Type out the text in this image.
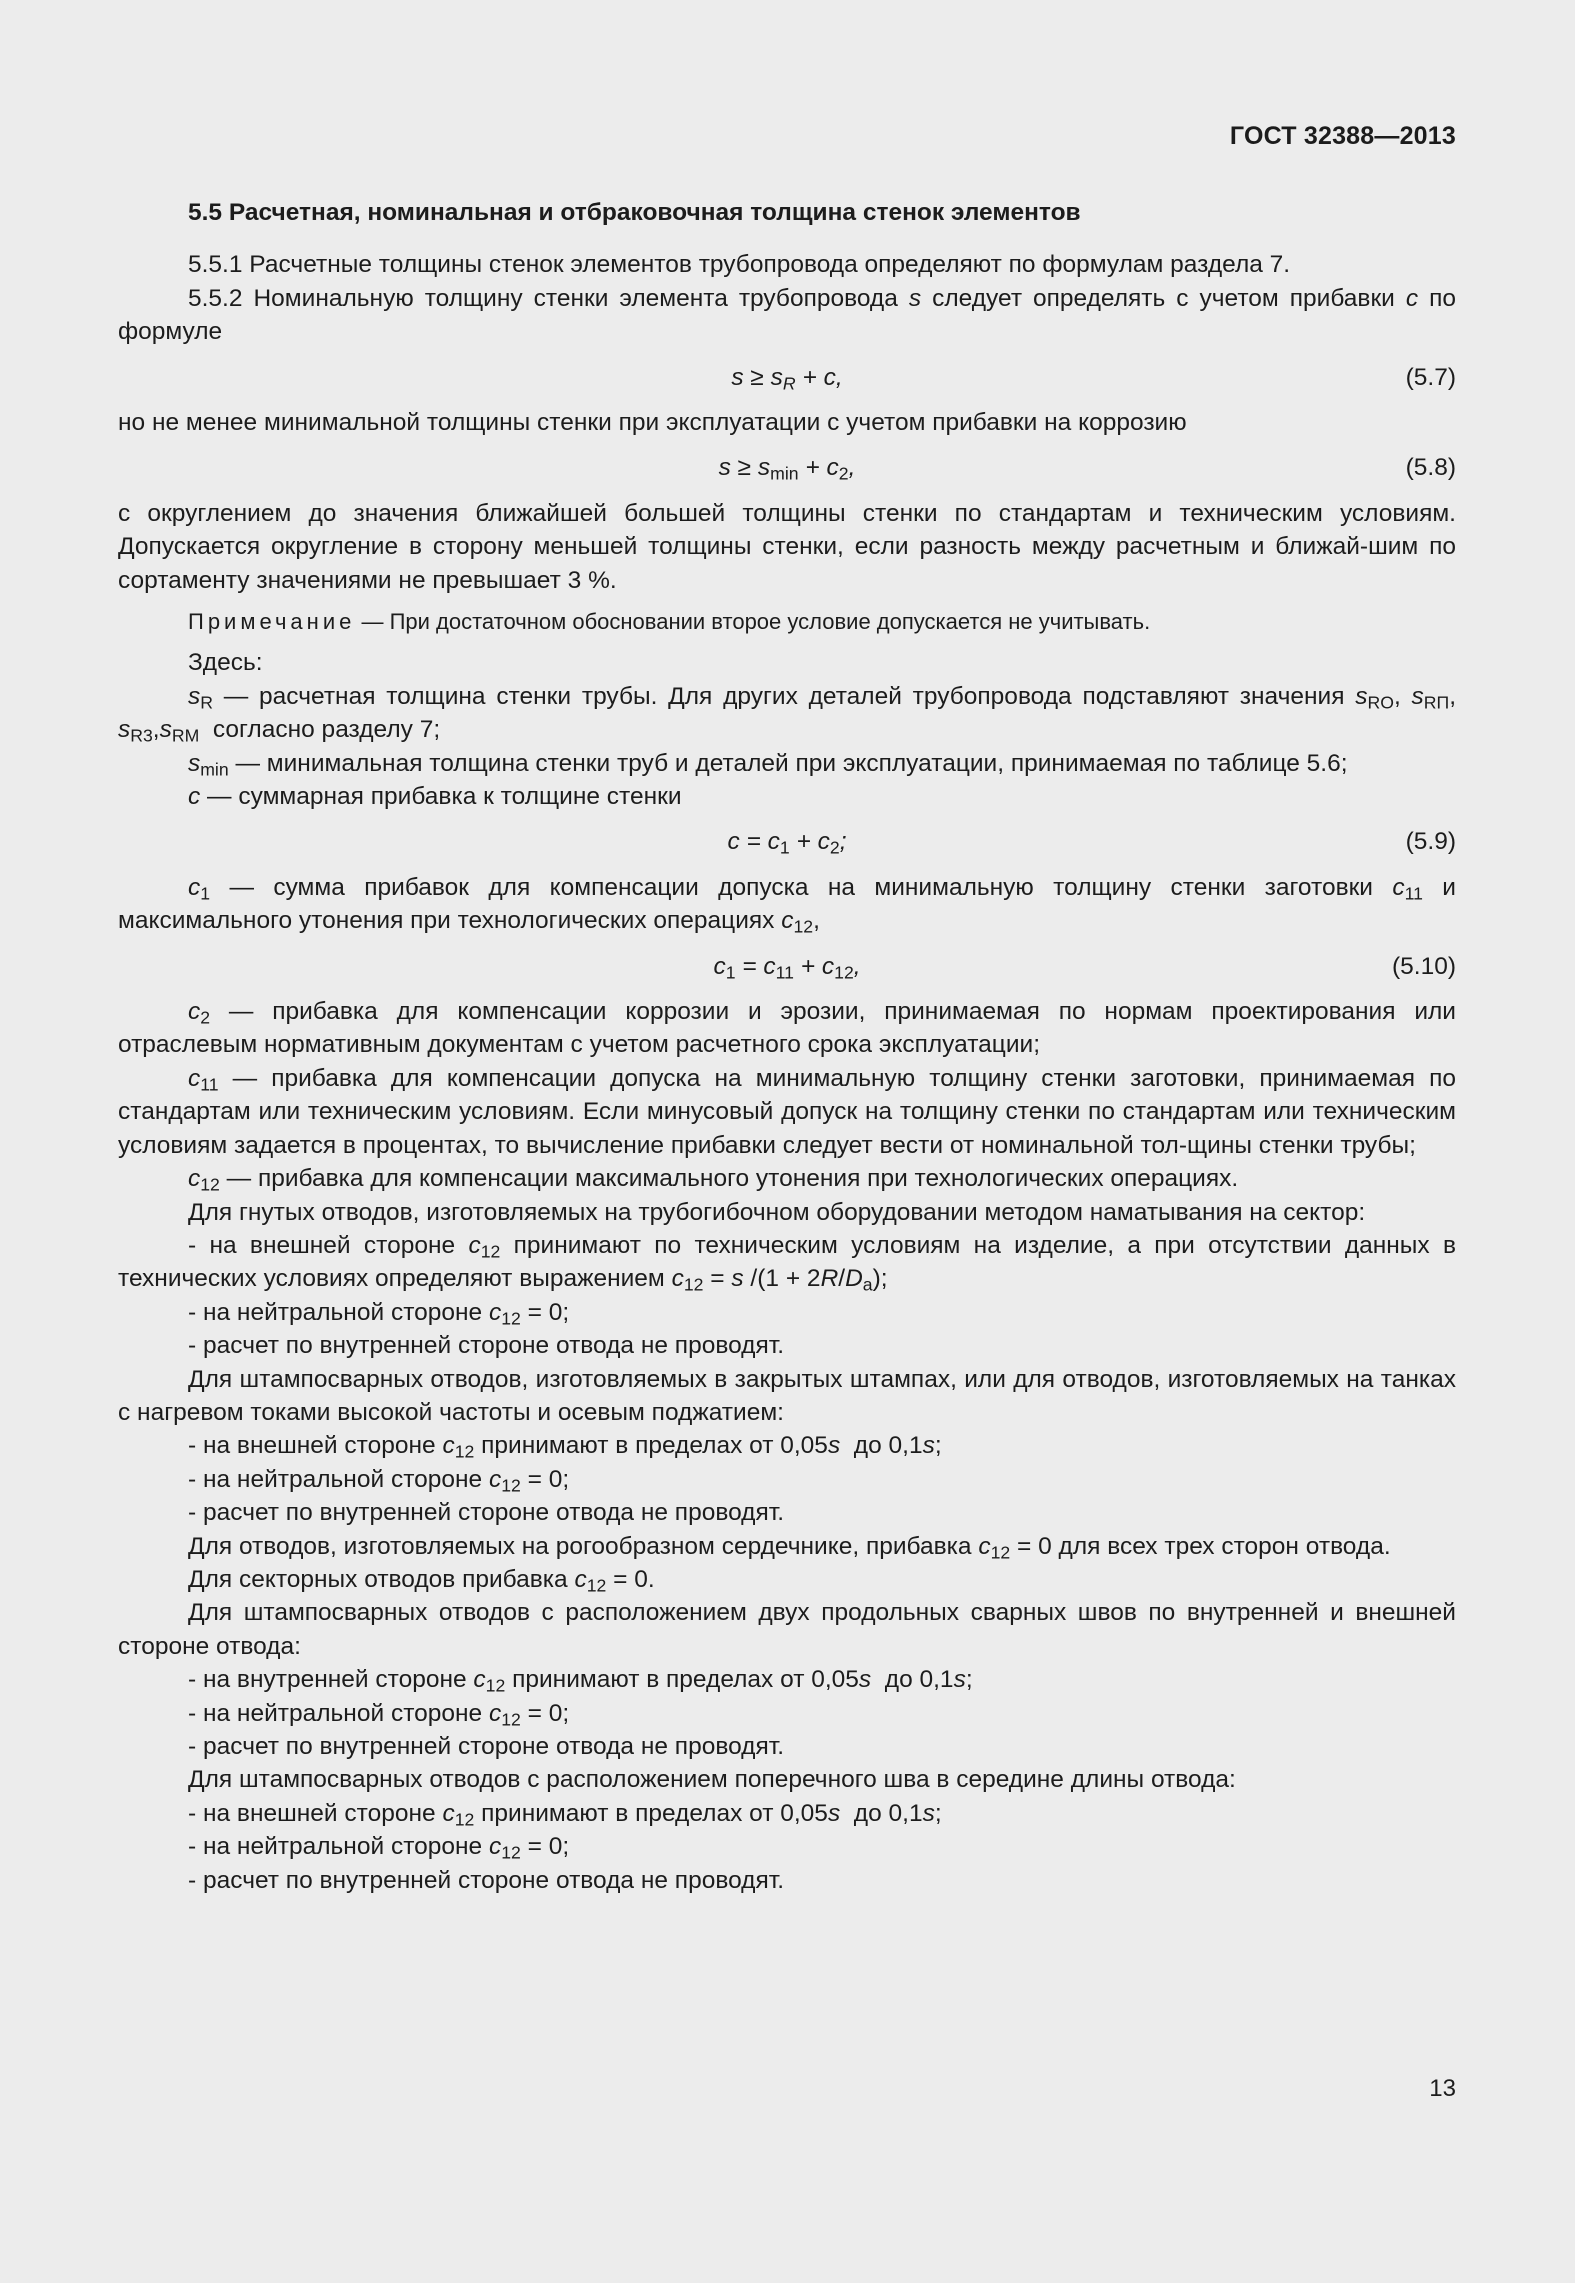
ГОСТ 32388—2013
5.5 Расчетная, номинальная и отбраковочная толщина стенок элементов

5.5.1 Расчетные толщины стенок элементов трубопровода определяют по формулам раздела 7.

5.5.2 Номинальную толщину стенки элемента трубопровода s следует определять с учетом прибавки c по формуле

$s \ge s_R + c$,	(5.7)

но не менее минимальной толщины стенки при эксплуатации с учетом прибавки на коррозию

$s \ge s_{min} + c_2$,	(5.8)

с округлением до значения ближайшей большей толщины стенки по стандартам и техническим условиям. Допускается округление в сторону меньшей толщины стенки, если разность между расчетным и ближай-шим по сортаменту значениями не превышает 3 %.

Примечание — При достаточном обосновании второе условие допускается не учитывать.

Здесь:

$s_R$ — расчетная толщина стенки трубы. Для других деталей трубопровода подставляют значения $s_{RO}$, $s_{RП}$, $s_{R3},s_{RM}$  согласно разделу 7;

$s_{min}$ — минимальная толщина стенки труб и деталей при эксплуатации, принимаемая по таблице 5.6;

c — суммарная прибавка к толщине стенки

$c = c_1 + c_2$;	(5.9)

$c_1$ — сумма прибавок для компенсации допуска на минимальную толщину стенки заготовки $c_{11}$ и максимального утонения при технологических операциях $c_{12}$,

$c_1 = c_{11} + c_{12}$,	(5.10)

$c_2$ — прибавка для компенсации коррозии и эрозии, принимаемая по нормам проектирования или отраслевым нормативным документам с учетом расчетного срока эксплуатации;

$c_{11}$ — прибавка для компенсации допуска на минимальную толщину стенки заготовки, принимаемая по стандартам или техническим условиям. Если минусовый допуск на толщину стенки по стандартам или техническим условиям задается в процентах, то вычисление прибавки следует вести от номинальной тол-щины стенки трубы;

$c_{12}$ — прибавка для компенсации максимального утонения при технологических операциях.

Для гнутых отводов, изготовляемых на трубогибочном оборудовании методом наматывания на сектор:

- на внешней стороне $c_{12}$ принимают по техническим условиям на изделие, а при отсутствии данных в технических условиях определяют выражением $c_{12} = s$ $/(1 + 2R/D_a)$;

- на нейтральной стороне $c_{12} = 0$;

- расчет по внутренней стороне отвода не проводят.

Для штампосварных отводов, изготовляемых в закрытых штампах, или для отводов, изготовляемых на танках с нагревом токами высокой частоты и осевым поджатием:

- на внешней стороне $c_{12}$ принимают в пределах от 0,05s  до 0,1s;

- на нейтральной стороне $c_{12} = 0$;

- расчет по внутренней стороне отвода не проводят.

Для отводов, изготовляемых на рогообразном сердечнике, прибавка $c_{12} = 0$ для всех трех сторон отвода.

Для секторных отводов прибавка $c_{12} = 0$.

Для штампосварных отводов с расположением двух продольных сварных швов по внутренней и внешней стороне отвода:

- на внутренней стороне $c_{12}$ принимают в пределах от 0,05s  до 0,1s;

- на нейтральной стороне $c_{12} = 0$;

- расчет по внутренней стороне отвода не проводят.

Для штампосварных отводов с расположением поперечного шва в середине длины отвода:

- на внешней стороне $c_{12}$ принимают в пределах от 0,05s  до 0,1s;

- на нейтральной стороне $c_{12} = 0$;

- расчет по внутренней стороне отвода не проводят.

13
